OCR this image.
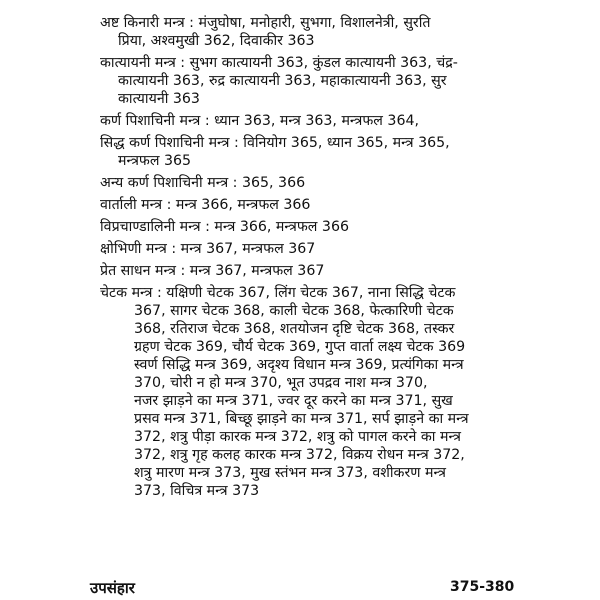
अष्ट किनारी मन्त्र : मंजुघोषा, मनोहारी, सुभगा, विशालनेत्री, सुरति
प्रिया, अश्वमुखी 362, दिवाकीर 363
कात्यायनी मन्त्र : सुभग कात्यायनी 363, कुंडल कात्यायनी 363, चंद्र-
कात्यायनी 363, रुद्र कात्यायनी 363, महाकात्यायनी 363, सुर
कात्यायनी 363
कर्ण पिशाचिनी मन्त्र : ध्यान 363, मन्त्र 363, मन्त्रफल 364,
सिद्ध कर्ण पिशाचिनी मन्त्र : विनियोग 365, ध्यान 365, मन्त्र 365,
मन्त्रफल 365
अन्य कर्ण पिशाचिनी मन्त्र : 365, 366
वार्ताली मन्त्र : मन्त्र 366, मन्त्रफल 366
विप्रचाण्डालिनी मन्त्र : मन्त्र 366, मन्त्रफल 366
क्षोभिणी मन्त्र : मन्त्र 367, मन्त्रफल 367
प्रेत साधन मन्त्र : मन्त्र 367, मन्त्रफल 367
चेटक मन्त्र : यक्षिणी चेटक 367, लिंग चेटक 367, नाना सिद्धि चेटक
367, सागर चेटक 368, काली चेटक 368, फेत्कारिणी चेटक
368, रतिराज चेटक 368, शतयोजन दृष्टि चेटक 368, तस्कर
ग्रहण चेटक 369, चौर्य चेटक 369, गुप्त वार्ता लक्ष्य चेटक 369
स्वर्ण सिद्धि मन्त्र 369, अदृश्य विधान मन्त्र 369, प्रत्यंगिका मन्त्र
370, चोरी न हो मन्त्र 370, भूत उपद्रव नाश मन्त्र 370,
नजर झाड़ने का मन्त्र 371, ज्वर दूर करने का मन्त्र 371, सुख
प्रसव मन्त्र 371, बिच्छू झाड़ने का मन्त्र 371, सर्प झाड़ने का मन्त्र
372, शत्रु पीड़ा कारक मन्त्र 372, शत्रु को पागल करने का मन्त्र
372, शत्रु गृह कलह कारक मन्त्र 372, विक्रय रोधन मन्त्र 372,
शत्रु मारण मन्त्र 373, मुख स्तंभन मन्त्र 373, वशीकरण मन्त्र
373, विचित्र मन्त्र 373
उपसंहार	375-380
